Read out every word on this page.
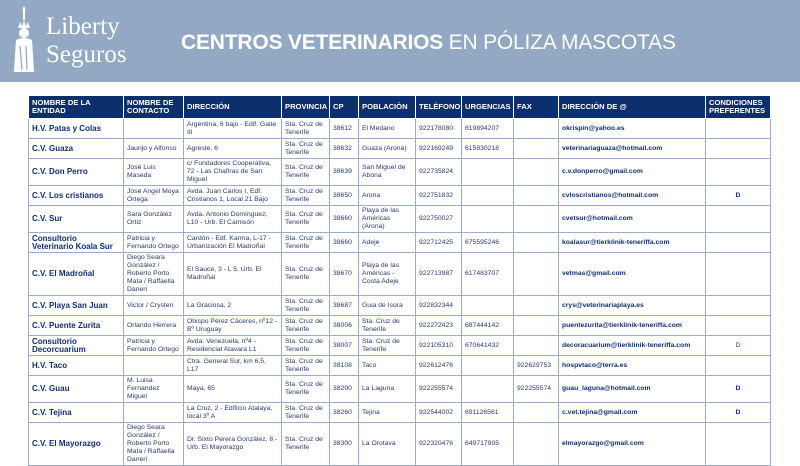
Liberty
Seguros	CENTROS VETERINARIOS EN PÓLIZA MASCOTAS
NOMBRE DE LA ENTIDAD	NOMBRE DE CONTACTO	DIRECCIÓN	PROVINCIA	CP	POBLACIÓN	TELÉFONO	URGENCIAS	FAX	DIRECCIÓN DE @	CONDICIONES PREFERENTES
H.V. Patas y Colas		Argentina, 6 bajo - Edif. Gaite III	Sta. Cruz de Tenerife	38612	El Medano	922178080	619894207		okrispin@yahoo.es	
C.V. Guaza	Jaunjo y Alfonso	Agreste, 6	Sta. Cruz de Tenerife	38632	Guaza (Arona)	922169249	615830218		veterinariaguaza@hotmail.com	
C.V. Don Perro	José Luis Maseda	c/ Fundadores Cooperativa, 72 - Las Chafiras de San Miguel	Sta. Cruz de Tenerife	38639	San Miguel de Abona	922735824			c.v.donperro@gmail.com	
C.V. Los cristianos	Jose Angel Moya Ortega	Avda. Juan Carlos I, Edf. Cristianos 1, Local 21 Bajo	Sta. Cruz de Tenerife	38650	Arona	922751832			cvloscristianos@hotmail.com	D
C.V. Sur	Sara González Ortiz	Avda. Antonio Domínguez, L10 - Urb. El Camisón	Sta. Cruz de Tenerife	38660	Playa de las Américas (Arona)	922750027			cvetsur@hotmail.com	
Consultorio Veterinario Koala Sur	Patricia y Fernando Ortego	Cardón - Edf. Karma, L-17 - Urbanización El Madroñal	Sta. Cruz de Tenerife	38660	Adeje	922712425	675595246		koalasur@tierklinik-teneriffa.com	
C.V. El Madroñal	Diego Seara González / Roberto Porto Mata / Raffaella Daneri	El Sauce, 3 - L 5, Urb. El Madroñal	Sta. Cruz de Tenerife	38670	Playa de las Américas - Costa Adeje	922713987	617483707		vetmas@gmail.com	
C.V. Playa San Juan	Victor / Crysten	La Graciosa, 2	Sta. Cruz de Tenerife	38687	Guia de Isora	922832344			crys@veterinariaplaya.es	
C.V. Puente Zurita	Orlando Herrera	Obispo Pérez Cáceres, nº12 - Bº Uruguay	Sta. Cruz de Tenerife	38006	Sta. Cruz de Tenerife	922272423	687444142		puentezurita@tierklinik-teneriffa.com	
Consultorio Decorcuarium	Patricia y Fernando Ortego	Avda. Venezuela, nº4 - Residencial Atavara L1	Sta. Cruz de Tenerife	38007	Sta. Cruz de Tenerife	922105310	670641432		decoracuarium@tierklinik-teneriffa.com	D
H.V. Taco		Ctra. General Sur, km 6,5, L17	Sta. Cruz de Tenerife	38108	Taco	922612476		922629753	hospvtaco@terra.es	
C.V. Guau	M. Luisa Fernandez Miguel	Maya, 65	Sta. Cruz de Tenerife	38200	La Laguna	922255574		922255574	guau_laguna@hotmail.com	D
C.V. Tejina		La Cruz, 2 - Edificio Atalaya, local 3º A	Sta. Cruz de Tenerife	38260	Tejina	922544002	691126561		c.vet.tejina@gmail.com	D
C.V. El Mayorazgo	Diego Seara González / Roberto Porto Mata / Raffaella Daneri	Dr. Sixto Perera González, 8 - Urb. El Mayorazgo	Sta. Cruz de Tenerife	38300	La Orotava	922320476	649717905		elmayorazgo@gmail.com	
